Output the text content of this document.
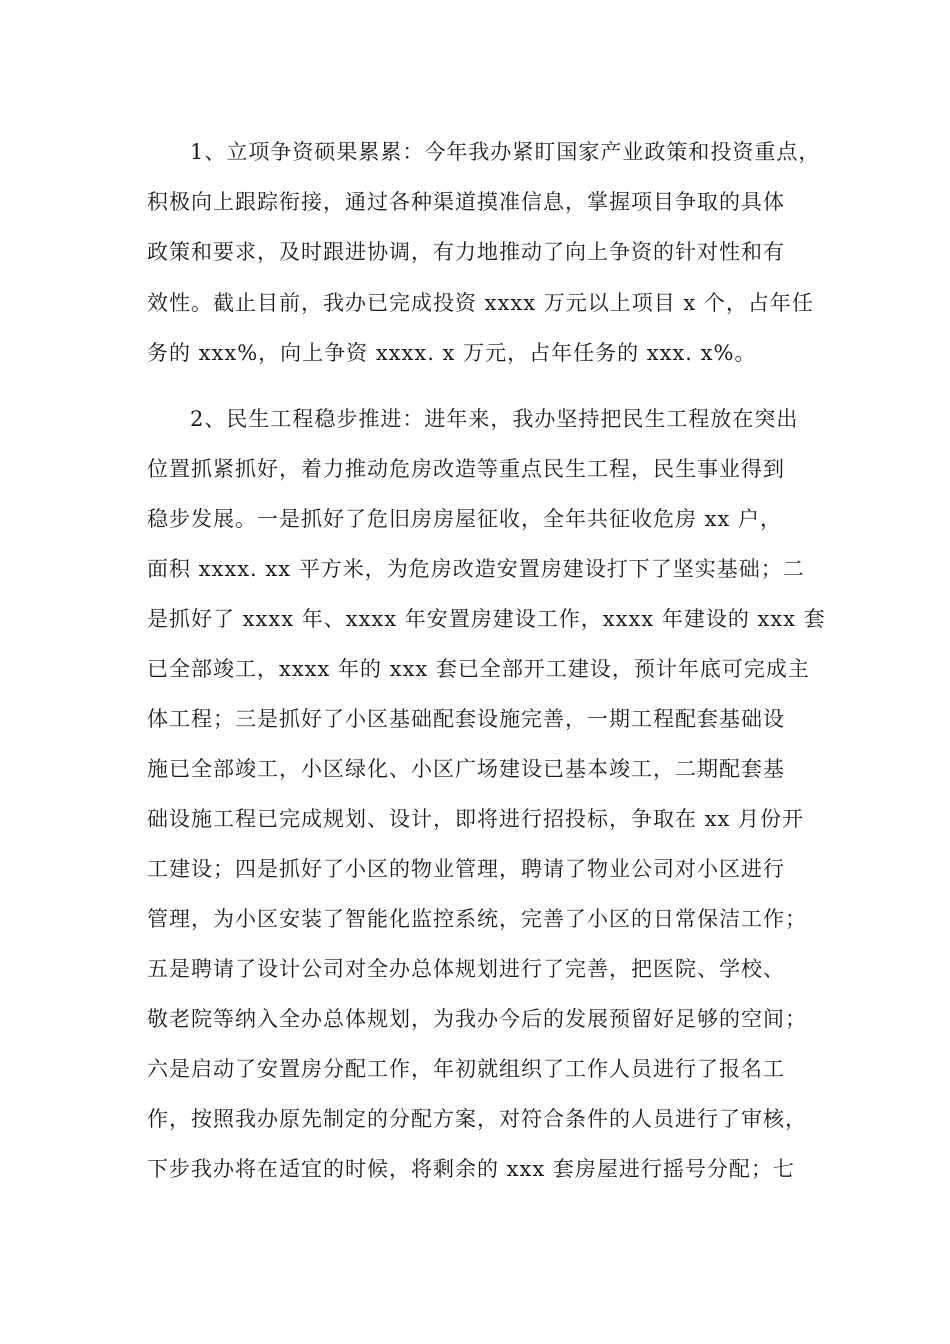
1、立项争资硕果累累：今年我办紧盯国家产业政策和投资重点，
积极向上跟踪衔接，通过各种渠道摸准信息，掌握项目争取的具体
政策和要求，及时跟进协调，有力地推动了向上争资的针对性和有
效性。截止目前，我办已完成投资 xxxx 万元以上项目 x 个，占年任
务的 xxx%，向上争资 xxxx. x 万元，占年任务的 xxx. x%。
2、民生工程稳步推进：进年来，我办坚持把民生工程放在突出
位置抓紧抓好，着力推动危房改造等重点民生工程，民生事业得到
稳步发展。一是抓好了危旧房房屋征收，全年共征收危房 xx 户，
面积 xxxx. xx 平方米，为危房改造安置房建设打下了坚实基础；二
是抓好了 xxxx 年、xxxx 年安置房建设工作，xxxx 年建设的 xxx 套
已全部竣工，xxxx 年的 xxx 套已全部开工建设，预计年底可完成主
体工程；三是抓好了小区基础配套设施完善，一期工程配套基础设
施已全部竣工，小区绿化、小区广场建设已基本竣工，二期配套基
础设施工程已完成规划、设计，即将进行招投标，争取在 xx 月份开
工建设；四是抓好了小区的物业管理，聘请了物业公司对小区进行
管理，为小区安装了智能化监控系统，完善了小区的日常保洁工作；
五是聘请了设计公司对全办总体规划进行了完善，把医院、学校、
敬老院等纳入全办总体规划，为我办今后的发展预留好足够的空间；
六是启动了安置房分配工作，年初就组织了工作人员进行了报名工
作，按照我办原先制定的分配方案，对符合条件的人员进行了审核，
下步我办将在适宜的时候，将剩余的 xxx 套房屋进行摇号分配；七
